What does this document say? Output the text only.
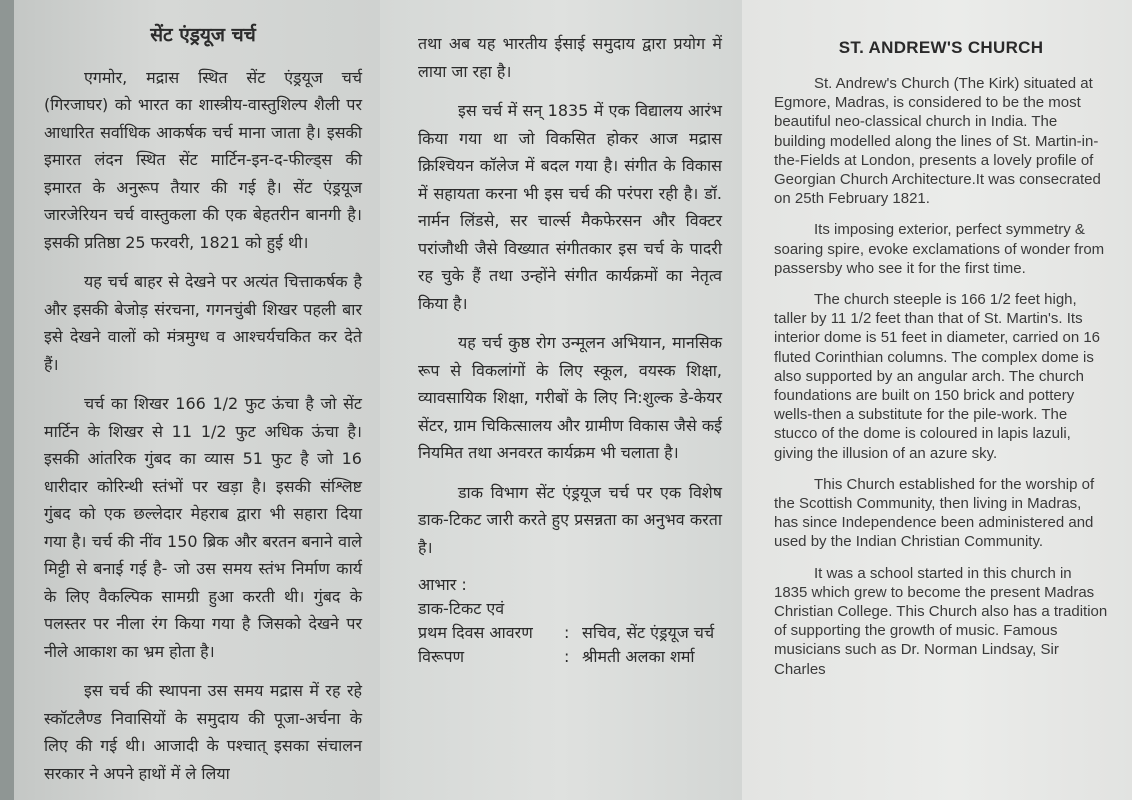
सेंट एंड्रयूज चर्च

एगमोर, मद्रास स्थित सेंट एंड्रयूज चर्च (गिरजाघर) को भारत का शास्त्रीय-वास्तुशिल्प शैली पर आधारित सर्वाधिक आकर्षक चर्च माना जाता है। इसकी इमारत लंदन स्थित सेंट मार्टिन-इन-द-फील्ड्स की इमारत के अनुरूप तैयार की गई है। सेंट एंड्रयूज जारजेरियन चर्च वास्तुकला की एक बेहतरीन बानगी है। इसकी प्रतिष्ठा 25 फरवरी, 1821 को हुई थी।

यह चर्च बाहर से देखने पर अत्यंत चित्ताकर्षक है और इसकी बेजोड़ संरचना, गगनचुंबी शिखर पहली बार इसे देखने वालों को मंत्रमुग्ध व आश्चर्यचकित कर देते हैं।

चर्च का शिखर 166 1/2 फुट ऊंचा है जो सेंट मार्टिन के शिखर से 11 1/2 फुट अधिक ऊंचा है। इसकी आंतरिक गुंबद का व्यास 51 फुट है जो 16 धारीदार कोरिन्थी स्तंभों पर खड़ा है। इसकी संश्लिष्ट गुंबद को एक छल्लेदार मेहराब द्वारा भी सहारा दिया गया है। चर्च की नींव 150 ब्रिक और बरतन बनाने वाले मिट्टी से बनाई गई है- जो उस समय स्तंभ निर्माण कार्य के लिए वैकल्पिक सामग्री हुआ करती थी। गुंबद के पलस्तर पर नीला रंग किया गया है जिसको देखने पर नीले आकाश का भ्रम होता है।

इस चर्च की स्थापना उस समय मद्रास में रह रहे स्कॉटलैण्ड निवासियों के समुदाय की पूजा-अर्चना के लिए की गई थी। आजादी के पश्चात् इसका संचालन सरकार ने अपने हाथों में ले लिया

तथा अब यह भारतीय ईसाई समुदाय द्वारा प्रयोग में लाया जा रहा है।

इस चर्च में सन् 1835 में एक विद्यालय आरंभ किया गया था जो विकसित होकर आज मद्रास क्रिश्चियन कॉलेज में बदल गया है। संगीत के विकास में सहायता करना भी इस चर्च की परंपरा रही है। डॉ. नार्मन लिंडसे, सर चार्ल्स मैकफेरसन और विक्टर परांजौथी जैसे विख्यात संगीतकार इस चर्च के पादरी रह चुके हैं तथा उन्होंने संगीत कार्यक्रमों का नेतृत्व किया है।

यह चर्च कुष्ठ रोग उन्मूलन अभियान, मानसिक रूप से विकलांगों के लिए स्कूल, वयस्क शिक्षा, व्यावसायिक शिक्षा, गरीबों के लिए नि:शुल्क डे-केयर सेंटर, ग्राम चिकित्सालय और ग्रामीण विकास जैसे कई नियमित तथा अनवरत कार्यक्रम भी चलाता है।

डाक विभाग सेंट एंड्रयूज चर्च पर एक विशेष डाक-टिकट जारी करते हुए प्रसन्नता का अनुभव करता है।

आभार :

डाक-टिकट एवं

प्रथम दिवस आवरण	: सचिव, सेंट एंड्रयूज चर्च
विरूपण	: श्रीमती अलका शर्मा
ST. ANDREW'S CHURCH

St. Andrew's Church (The Kirk) situated at Egmore, Madras, is considered to be the most beautiful neo-classical church in India. The building modelled along the lines of St. Martin-in-the-Fields at London, presents a lovely profile of Georgian Church Architecture.It was consecrated on 25th February 1821.

Its imposing exterior, perfect symmetry & soaring spire, evoke exclamations of wonder from passersby who see it for the first time.

The church steeple is 166 1/2 feet high, taller by 11 1/2 feet than that of St. Martin's. Its interior dome is 51 feet in diameter, carried on 16 fluted Corinthian columns. The complex dome is also supported by an angular arch. The church foundations are built on 150 brick and pottery wells-then a substitute for the pile-work. The stucco of the dome is coloured in lapis lazuli, giving the illusion of an azure sky.

This Church established for the worship of the Scottish Community, then living in Madras, has since Independence been administered and used by the Indian Christian Community.

It was a school started in this church in 1835 which grew to become the present Madras Christian College. This Church also has a tradition of supporting the growth of music. Famous musicians such as Dr. Norman Lindsay, Sir Charles
